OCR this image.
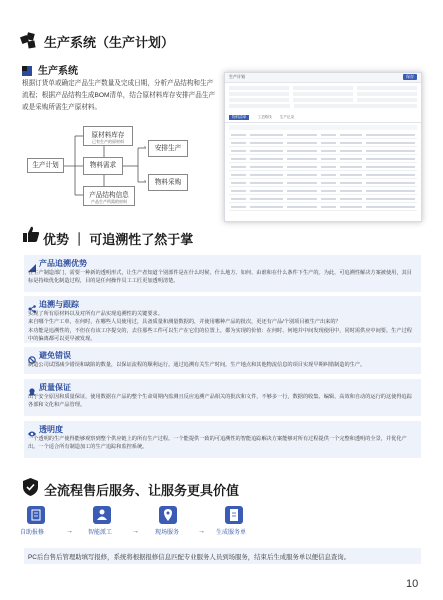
生产系统（生产计划）
生产系统
根据订货单或确定产品生产数量及完成日期，分析产品结构和生产流程；根据产品结构生成BOM清单，结合原材料库存安排产品生产或是采购所需生产原材料。
›
›
生产计划
原材料库存
已有生产的原材料
物料需求
产品结构信息
产品生产所需的材料
安排生产
物料采购
生产计划	保存
物料清单	工艺路线 生产记录

优势 ｜ 可追溯性了然于掌
产品追溯优势
在生产制造部门，需要一种新的透明形式，让生产者知道个别部件是在什么时候、什么地方、如何、由谁和在什么条件下生产的。为此，可追溯性解决方案被使用，其目标是持续优化制造过程，目的是任何操作员工工匠更加透明清楚。
追溯与跟踪
实现了所有原材料以及对所有产品实现追溯性的关键要求。
来自哪个生产工单，在何时，在哪些人员使用过，具备质量和测量数据的，并使用哪种产品的批次，更还有产品/个别项目被生产出来的？
本功能是追溯性的，不但在有该工序提交的，去往那些工件可以生产在它们的位置上，都为实现的价值：在何时、何地并中间发现使用中，同时需供应中间要。生产过程中的偏离都可以更早被发现。
避免错误
制造公司试图减少错误和缺陷的数量，以保证流程的顺利运行。通过追溯有关生产时间，生产地点和其他物流信息的项目实现早期纠错制造的生产。
质量保证
出于安全原因和质量保证，使用数据在产品的整个生命周期内监测且反应追溯产品相关的批次和文件，不够多一行，数据的收集、编辑、高效和自动的运行的这使得追踪各部和文化和产品管理。
透明度
一个透明的生产使得能够观察到整个供应链上的所有生产过程。一个能提供一致的可追溯性的智能追踪解决方案能够对所有过程提供一个完整和透明的全景，并优化产出。一个适合所有制造加工的生产追踪和监控系统。
全流程售后服务、让服务更具价值
自助报修	→	智能派工	→	现场服务	→ 生成服务单
PC后台售后管理助填写报修，系统将根据报修信息匹配专业服务人员到场服务，结束后生成服务单以便信息查询。
10
